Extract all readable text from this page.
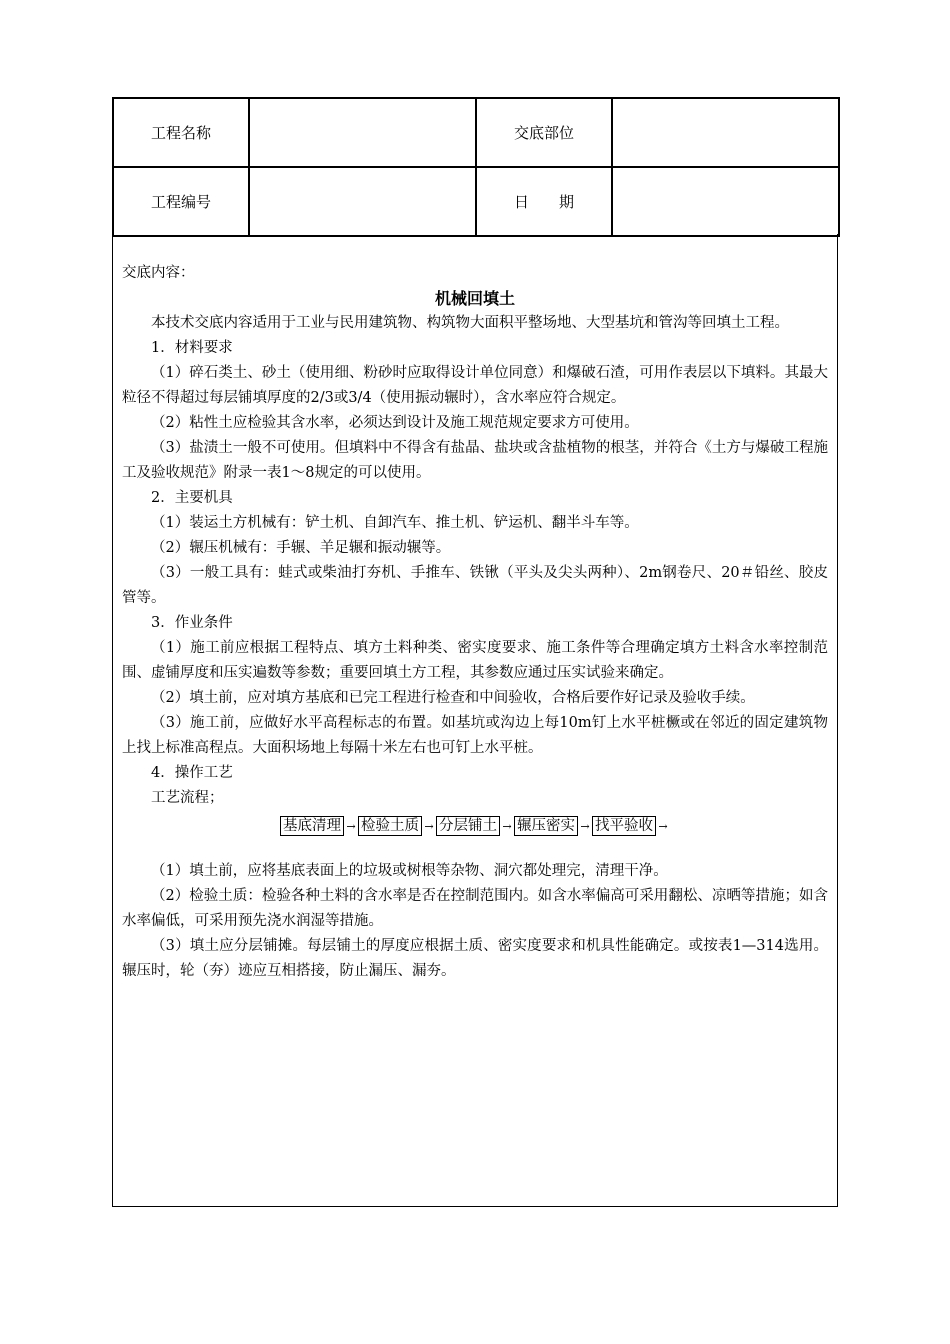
工程名称		交底部位	
工程编号		日　　期	

交底内容：

机械回填土

本技术交底内容适用于工业与民用建筑物、构筑物大面积平整场地、大型基坑和管沟等回填土工程。

1．材料要求

（1）碎石类土、砂土（使用细、粉砂时应取得设计单位同意）和爆破石渣，可用作表层以下填料。其最大粒径不得超过每层铺填厚度的2/3或3/4（使用振动辗时），含水率应符合规定。

（2）粘性土应检验其含水率，必须达到设计及施工规范规定要求方可使用。

（3）盐渍土一般不可使用。但填料中不得含有盐晶、盐块或含盐植物的根茎，并符合《土方与爆破工程施工及验收规范》附录一表1～8规定的可以使用。

2．主要机具

（1）装运土方机械有：铲土机、自卸汽车、推土机、铲运机、翻半斗车等。

（2）辗压机械有：手辗、羊足辗和振动辗等。

（3）一般工具有：蛙式或柴油打夯机、手推车、铁锹（平头及尖头两种）、2m钢卷尺、20＃铅丝、胶皮管等。

3．作业条件

（1）施工前应根据工程特点、填方土料种类、密实度要求、施工条件等合理确定填方土料含水率控制范围、虚铺厚度和压实遍数等参数；重要回填土方工程，其参数应通过压实试验来确定。

（2）填土前，应对填方基底和已完工程进行检查和中间验收，合格后要作好记录及验收手续。

（3）施工前，应做好水平高程标志的布置。如基坑或沟边上每10m钉上水平桩橛或在邻近的固定建筑物上找上标准高程点。大面积场地上每隔十米左右也可钉上水平桩。

4．操作工艺

工艺流程；

基底清理 → 检验土质 → 分层铺土 → 辗压密实 → 找平验收 →

（1）填土前，应将基底表面上的垃圾或树根等杂物、洞穴都处理完，清理干净。

（2）检验土质：检验各种土料的含水率是否在控制范围内。如含水率偏高可采用翻松、凉晒等措施；如含水率偏低，可采用预先浇水润湿等措施。

（3）填土应分层铺摊。每层铺土的厚度应根据土质、密实度要求和机具性能确定。或按表1—314选用。辗压时，轮（夯）迹应互相搭接，防止漏压、漏夯。
